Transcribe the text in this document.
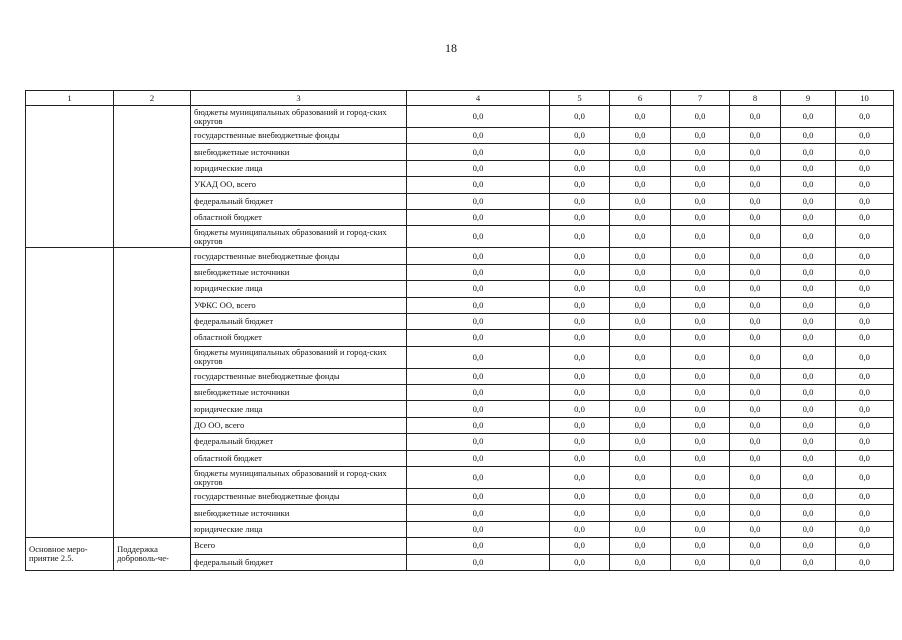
18
1	2	3	4	5	6	7	8	9	10
		бюджеты муниципальных образований и город-ских округов	0,0	0,0	0,0	0,0	0,0	0,0	0,0
		государственные внебюджетные фонды	0,0	0,0	0,0	0,0	0,0	0,0	0,0
		внебюджетные источники	0,0	0,0	0,0	0,0	0,0	0,0	0,0
		юридические лица	0,0	0,0	0,0	0,0	0,0	0,0	0,0
		УКАД ОО, всего	0,0	0,0	0,0	0,0	0,0	0,0	0,0
		федеральный бюджет	0,0	0,0	0,0	0,0	0,0	0,0	0,0
		областной бюджет	0,0	0,0	0,0	0,0	0,0	0,0	0,0
		бюджеты муниципальных образований и город-ских округов	0,0	0,0	0,0	0,0	0,0	0,0	0,0
		государственные внебюджетные фонды	0,0	0,0	0,0	0,0	0,0	0,0	0,0
		внебюджетные источники	0,0	0,0	0,0	0,0	0,0	0,0	0,0
		юридические лица	0,0	0,0	0,0	0,0	0,0	0,0	0,0
		УФКС ОО, всего	0,0	0,0	0,0	0,0	0,0	0,0	0,0
		федеральный бюджет	0,0	0,0	0,0	0,0	0,0	0,0	0,0
		областной бюджет	0,0	0,0	0,0	0,0	0,0	0,0	0,0
		бюджеты муниципальных образований и город-ских округов	0,0	0,0	0,0	0,0	0,0	0,0	0,0
		государственные внебюджетные фонды	0,0	0,0	0,0	0,0	0,0	0,0	0,0
		внебюджетные источники	0,0	0,0	0,0	0,0	0,0	0,0	0,0
		юридические лица	0,0	0,0	0,0	0,0	0,0	0,0	0,0
		ДО ОО, всего	0,0	0,0	0,0	0,0	0,0	0,0	0,0
		федеральный бюджет	0,0	0,0	0,0	0,0	0,0	0,0	0,0
		областной бюджет	0,0	0,0	0,0	0,0	0,0	0,0	0,0
		бюджеты муниципальных образований и город-ских округов	0,0	0,0	0,0	0,0	0,0	0,0	0,0
		государственные внебюджетные фонды	0,0	0,0	0,0	0,0	0,0	0,0	0,0
		внебюджетные источники	0,0	0,0	0,0	0,0	0,0	0,0	0,0
		юридические лица	0,0	0,0	0,0	0,0	0,0	0,0	0,0
Основное меро-приятие 2.5.	Поддержка доброволь-че-	Всего	0,0	0,0	0,0	0,0	0,0	0,0	0,0
		федеральный бюджет	0,0	0,0	0,0	0,0	0,0	0,0	0,0
